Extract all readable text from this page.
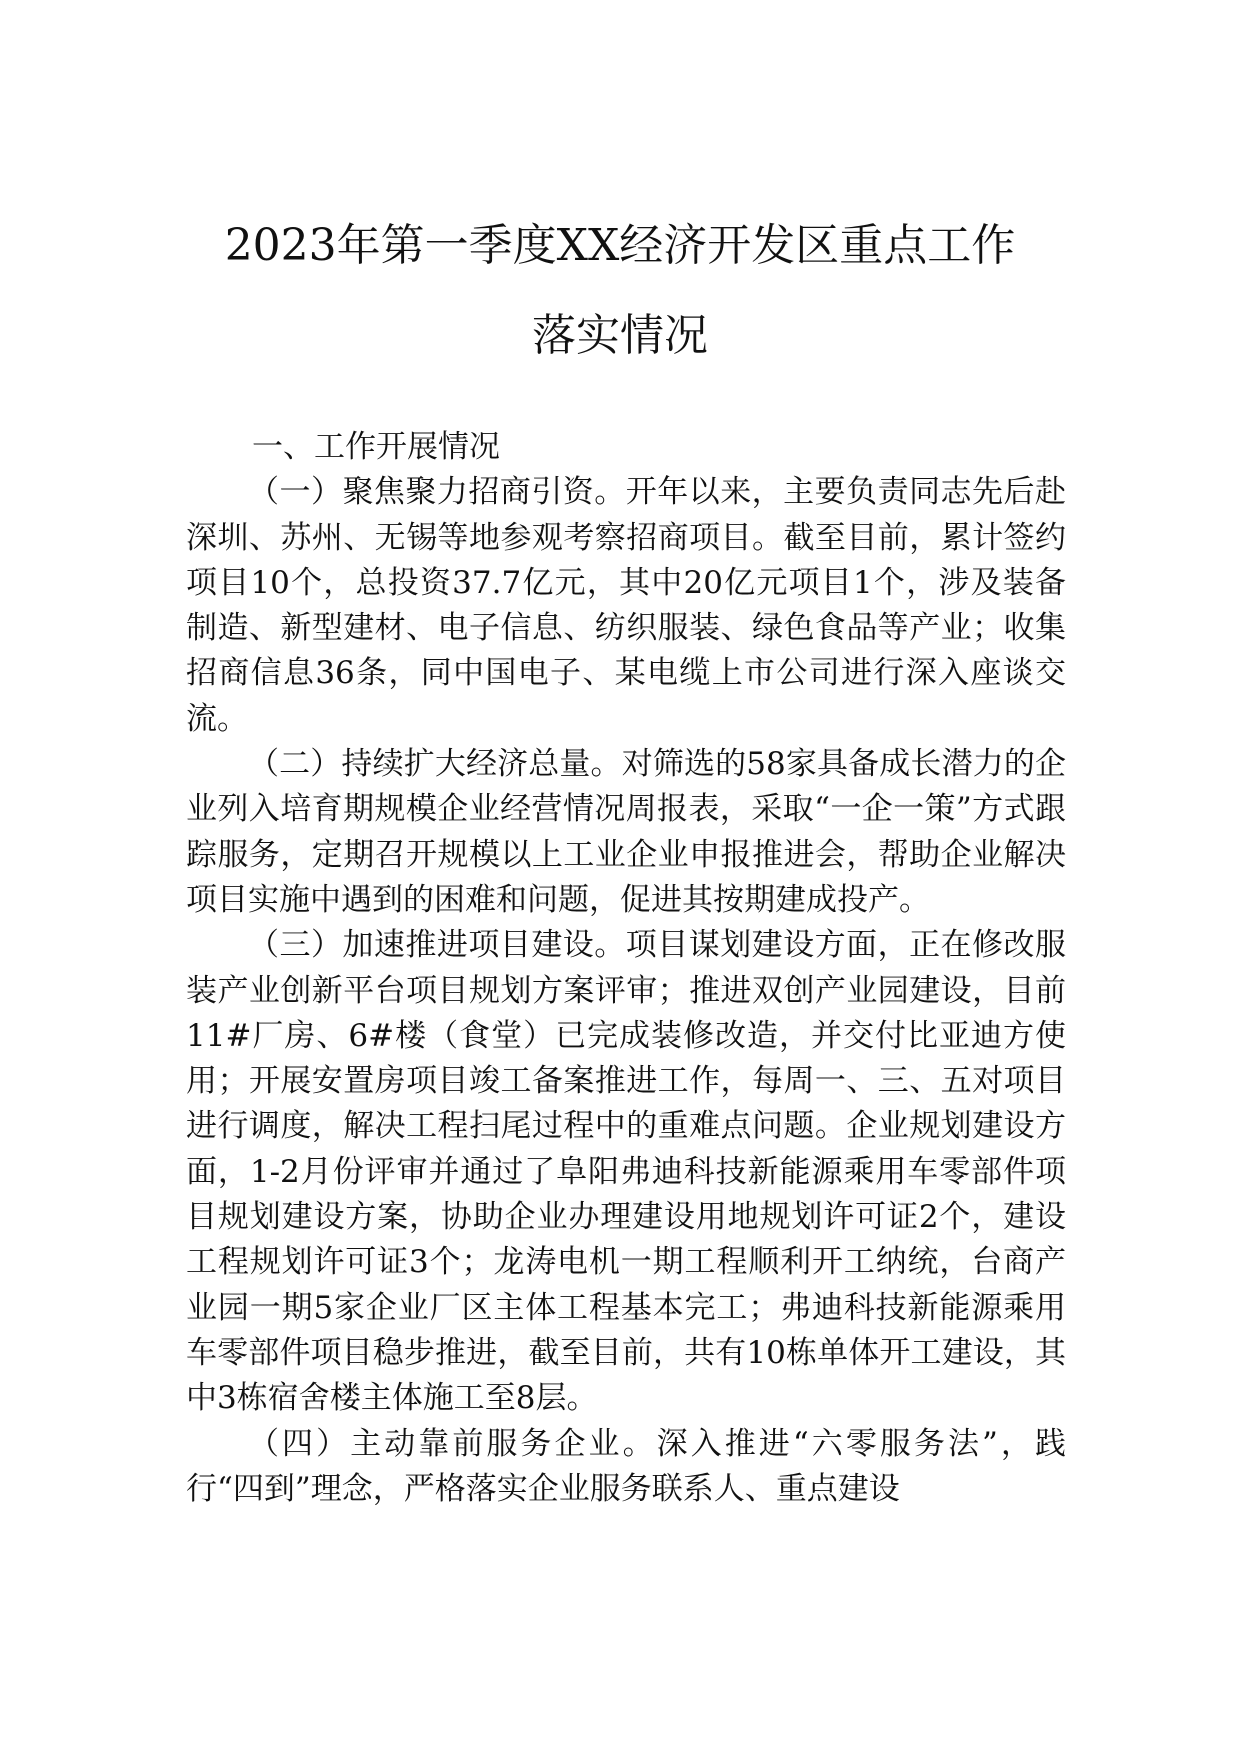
2023年第一季度XX经济开发区重点工作
落实情况

一、工作开展情况

（一）聚焦聚力招商引资。开年以来，主要负责同志先后赴深圳、苏州、无锡等地参观考察招商项目。截至目前，累计签约项目10个，总投资37.7亿元，其中20亿元项目1个，涉及装备制造、新型建材、电子信息、纺织服装、绿色食品等产业；收集招商信息36条，同中国电子、某电缆上市公司进行深入座谈交流。

（二）持续扩大经济总量。对筛选的58家具备成长潜力的企业列入培育期规模企业经营情况周报表，采取“一企一策”方式跟踪服务，定期召开规模以上工业企业申报推进会，帮助企业解决项目实施中遇到的困难和问题，促进其按期建成投产。

（三）加速推进项目建设。项目谋划建设方面，正在修改服装产业创新平台项目规划方案评审；推进双创产业园建设，目前11#厂房、6#楼（食堂）已完成装修改造，并交付比亚迪方使用；开展安置房项目竣工备案推进工作，每周一、三、五对项目进行调度，解决工程扫尾过程中的重难点问题。企业规划建设方面，1-2月份评审并通过了阜阳弗迪科技新能源乘用车零部件项目规划建设方案，协助企业办理建设用地规划许可证2个，建设工程规划许可证3个；龙涛电机一期工程顺利开工纳统，台商产业园一期5家企业厂区主体工程基本完工；弗迪科技新能源乘用车零部件项目稳步推进，截至目前，共有10栋单体开工建设，其中3栋宿舍楼主体施工至8层。

（四）主动靠前服务企业。深入推进“六零服务法”，践行“四到”理念，严格落实企业服务联系人、重点建设
